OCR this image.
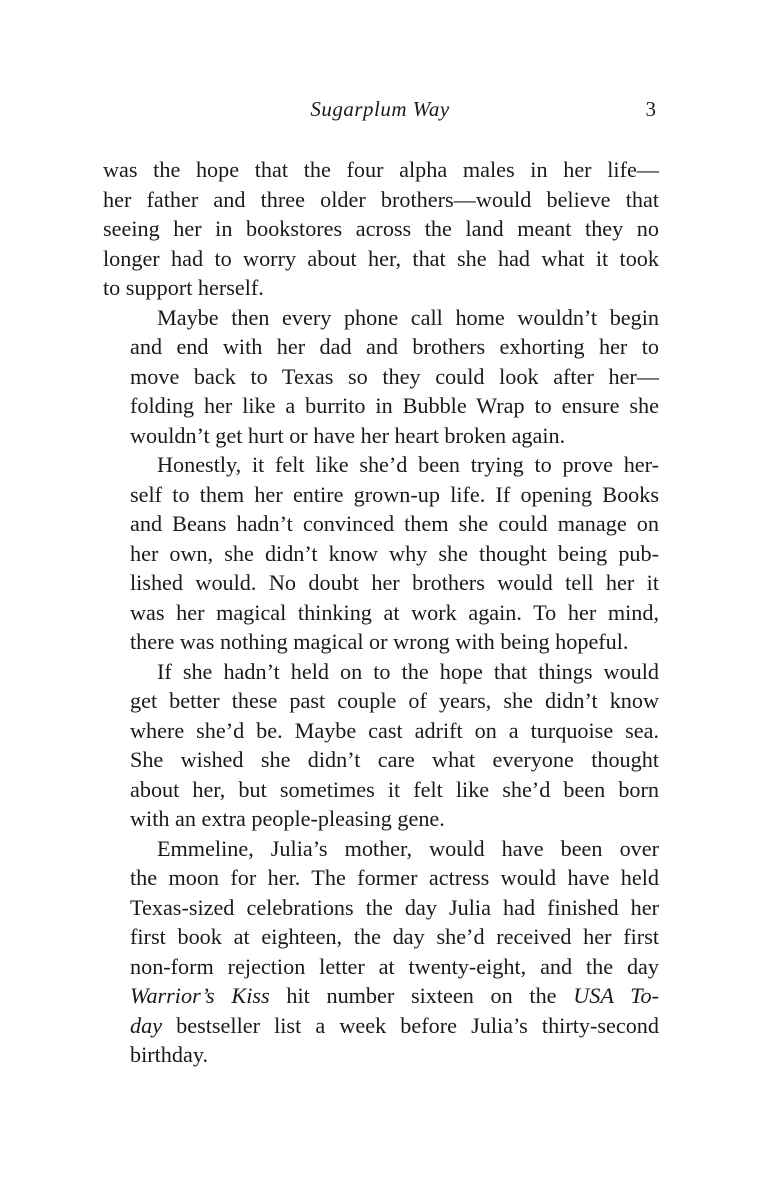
Sugarplum Way	3
was the hope that the four alpha males in her life—
her father and three older brothers—would believe that
seeing her in bookstores across the land meant they no
longer had to worry about her, that she had what it took
to support herself.
Maybe then every phone call home wouldn’t begin
and end with her dad and brothers exhorting her to
move back to Texas so they could look after her—
folding her like a burrito in Bubble Wrap to ensure she
wouldn’t get hurt or have her heart broken again.
Honestly, it felt like she’d been trying to prove her-
self to them her entire grown-up life. If opening Books
and Beans hadn’t convinced them she could manage on
her own, she didn’t know why she thought being pub-
lished would. No doubt her brothers would tell her it
was her magical thinking at work again. To her mind,
there was nothing magical or wrong with being hopeful.
If she hadn’t held on to the hope that things would
get better these past couple of years, she didn’t know
where she’d be. Maybe cast adrift on a turquoise sea.
She wished she didn’t care what everyone thought
about her, but sometimes it felt like she’d been born
with an extra people-pleasing gene.
Emmeline, Julia’s mother, would have been over
the moon for her. The former actress would have held
Texas-sized celebrations the day Julia had finished her
first book at eighteen, the day she’d received her first
non-form rejection letter at twenty-eight, and the day
Warrior’s Kiss hit number sixteen on the USA To-
day bestseller list a week before Julia’s thirty-second
birthday.
